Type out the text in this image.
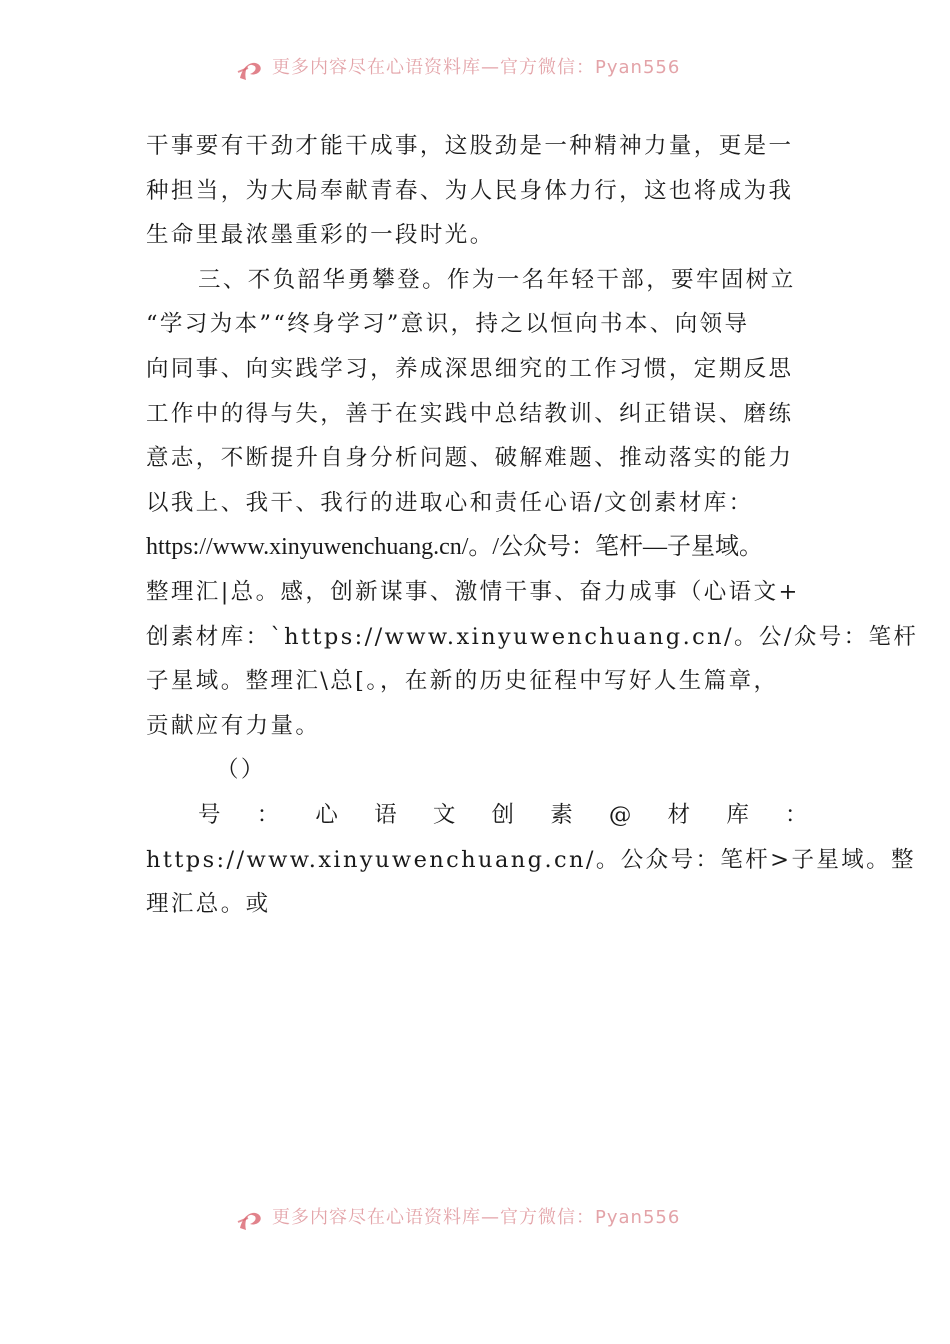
更多内容尽在心语资料库—官方微信：Pyan556
干事要有干劲才能干成事，这股劲是一种精神力量，更是一
种担当，为大局奉献青春、为人民身体力行，这也将成为我
生命里最浓墨重彩的一段时光。
三、不负韶华勇攀登。作为一名年轻干部，要牢固树立
“学习为本”“终身学习”意识，持之以恒向书本、向领导
向同事、向实践学习，养成深思细究的工作习惯，定期反思
工作中的得与失，善于在实践中总结教训、纠正错误、磨练
意志，不断提升自身分析问题、破解难题、推动落实的能力
以我上、我干、我行的进取心和责任心语/文创素材库：
https://www.xinyuwenchuang.cn/。/公众号：笔杆—子星域。
整理汇|总。感，创新谋事、激情干事、奋力成事（心语文+
创素材库：`https://www.xinyuwenchuang.cn/。公/众号：笔杆
子星域。整理汇\总[。，在新的历史征程中写好人生篇章，
贡献应有力量。
（）
号 ： 心 语 文 创 素 @ 材 库 ：
https://www.xinyuwenchuang.cn/。公众号：笔杆>子星域。整
理汇总。或
更多内容尽在心语资料库—官方微信：Pyan556
